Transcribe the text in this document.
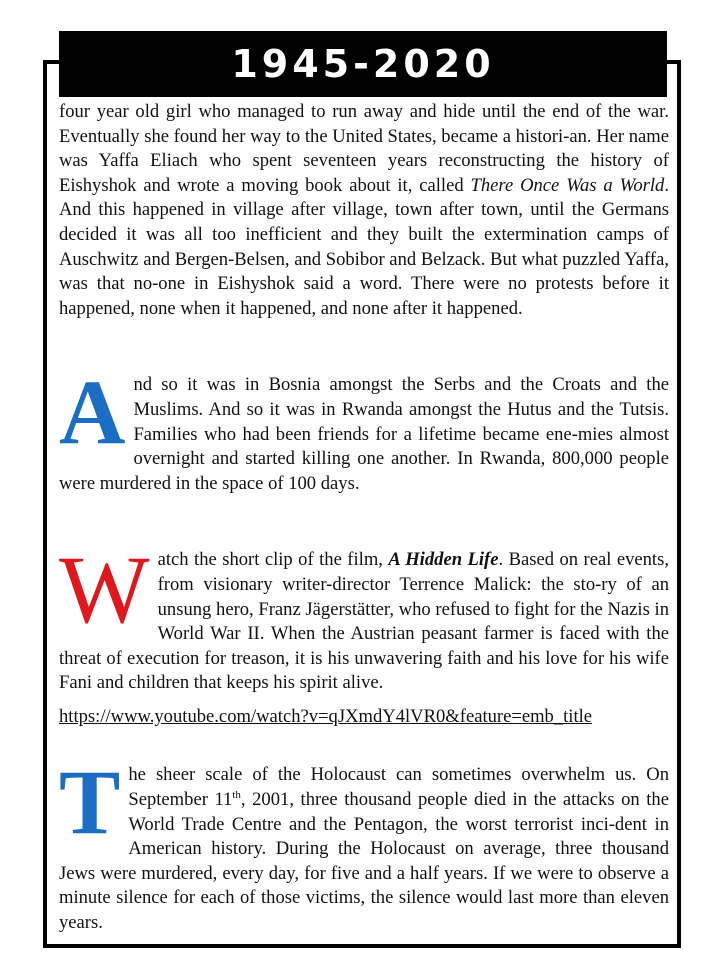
1945-2020

four year old girl who managed to run away and hide until the end of the war. Eventually she found her way to the United States, became a histori-an. Her name was Yaffa Eliach who spent seventeen years reconstructing the history of Eishyshok and wrote a moving book about it, called There Once Was a World. And this happened in village after village, town after town, until the Germans decided it was all too inefficient and they built the extermination camps of Auschwitz and Bergen-Belsen, and Sobibor and Belzack. But what puzzled Yaffa, was that no-one in Eishyshok said a word. There were no protests before it happened, none when it happened, and none after it happened.

And so it was in Bosnia amongst the Serbs and the Croats and the Muslims. And so it was in Rwanda amongst the Hutus and the Tutsis. Families who had been friends for a lifetime became ene-mies almost overnight and started killing one another. In Rwanda, 800,000 people were murdered in the space of 100 days.

Watch the short clip of the film, A Hidden Life. Based on real events, from visionary writer-director Terrence Malick: the sto-ry of an unsung hero, Franz Jägerstätter, who refused to fight for the Nazis in World War II. When the Austrian peasant farmer is faced with the threat of execution for treason, it is his unwavering faith and his love for his wife Fani and children that keeps his spirit alive.

https://www.youtube.com/watch?v=qJXmdY4lVR0&feature=emb_title

The sheer scale of the Holocaust can sometimes overwhelm us. On September 11th, 2001, three thousand people died in the attacks on the World Trade Centre and the Pentagon, the worst terrorist inci-dent in American history. During the Holocaust on average, three thousand Jews were murdered, every day, for five and a half years. If we were to observe a minute silence for each of those victims, the silence would last more than eleven years.
